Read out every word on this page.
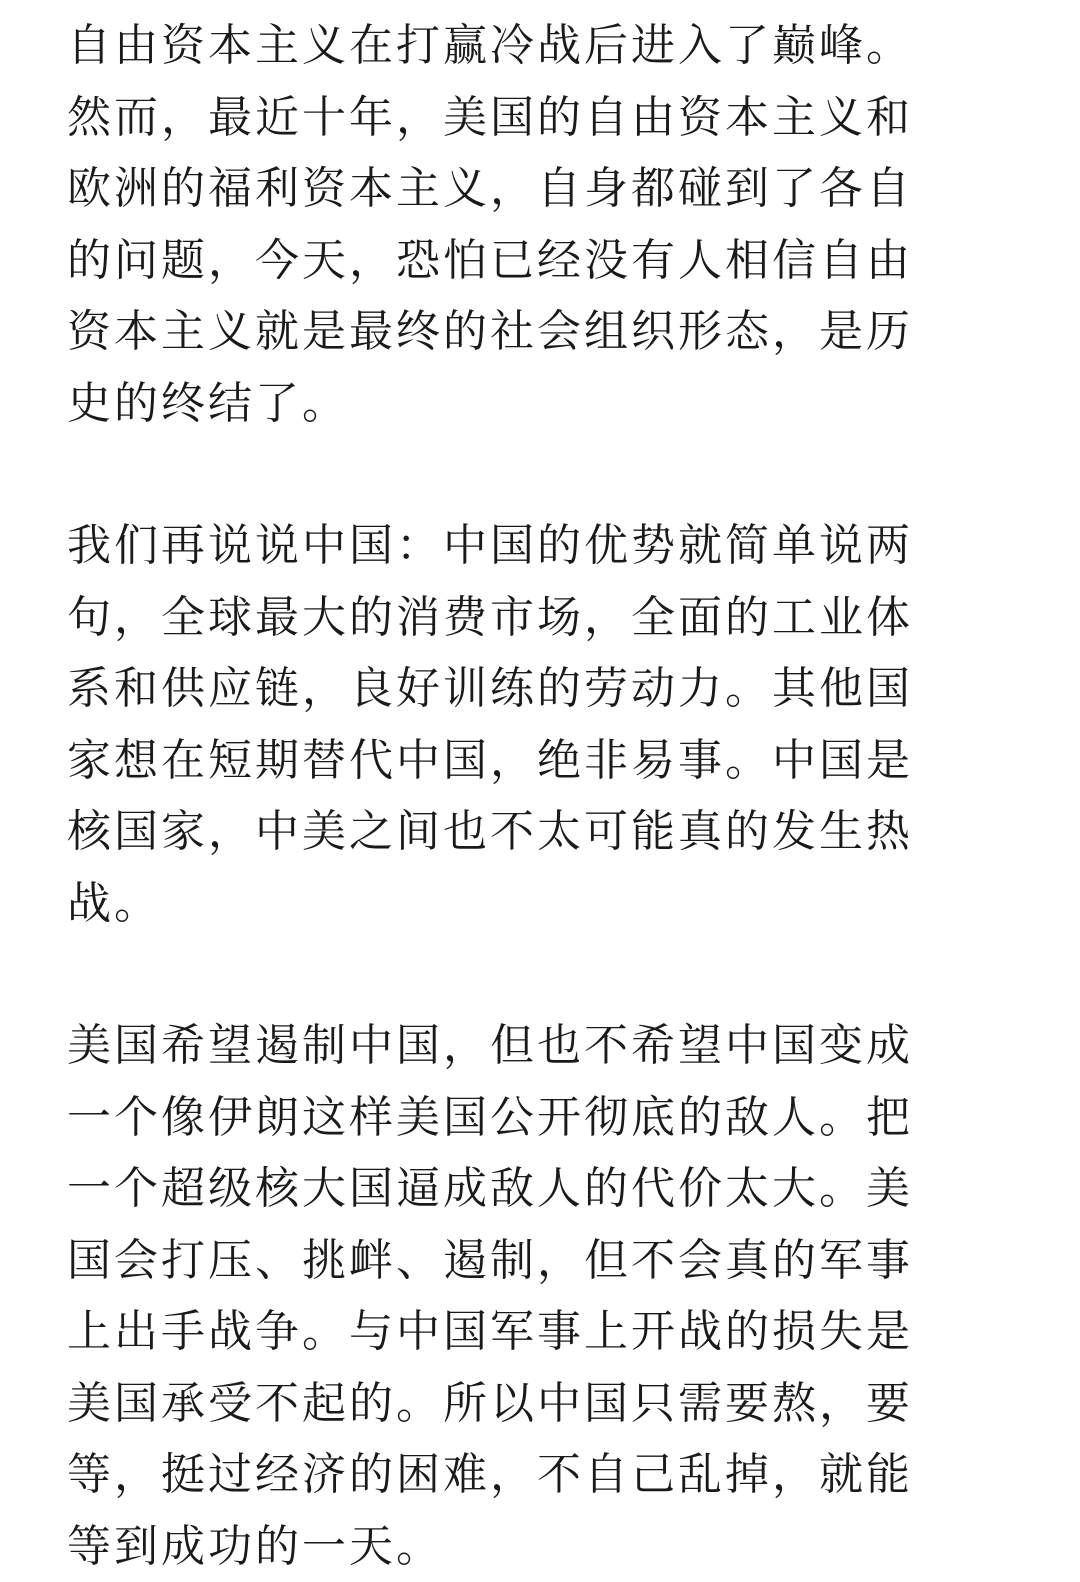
自由资本主义在打赢冷战后进入了巅峰。
然而，最近十年，美国的自由资本主义和
欧洲的福利资本主义，自身都碰到了各自
的问题，今天，恐怕已经没有人相信自由
资本主义就是最终的社会组织形态，是历
史的终结了。

我们再说说中国：中国的优势就简单说两
句，全球最大的消费市场，全面的工业体
系和供应链，良好训练的劳动力。其他国
家想在短期替代中国，绝非易事。中国是
核国家，中美之间也不太可能真的发生热
战。

美国希望遏制中国，但也不希望中国变成
一个像伊朗这样美国公开彻底的敌人。把
一个超级核大国逼成敌人的代价太大。美
国会打压、挑衅、遏制，但不会真的军事
上出手战争。与中国军事上开战的损失是
美国承受不起的。所以中国只需要熬，要
等，挺过经济的困难，不自己乱掉，就能
等到成功的一天。
